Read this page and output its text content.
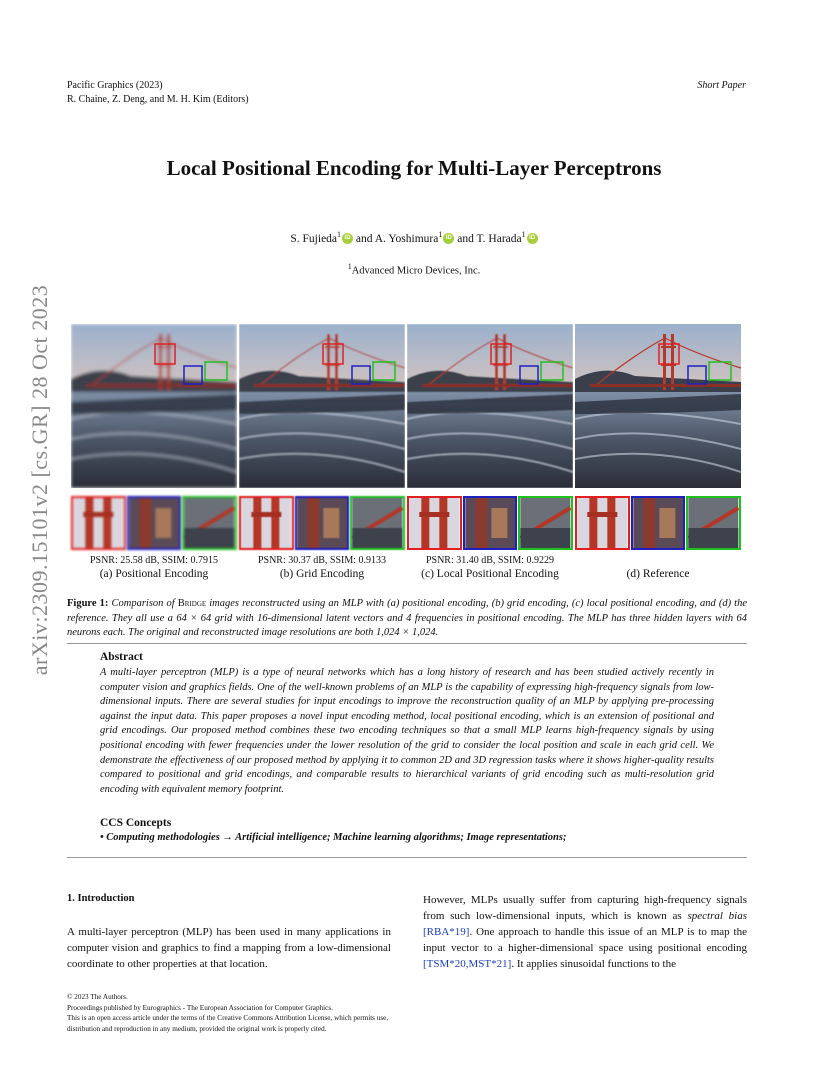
Pacific Graphics (2023)
R. Chaine, Z. Deng, and M. H. Kim (Editors)
Short Paper
arXiv:2309.15101v2 [cs.GR] 28 Oct 2023
Local Positional Encoding for Multi-Layer Perceptrons
S. Fujieda$^1$ iD and A. Yoshimura$^1$ iD and T. Harada$^1$ iD
$^1$Advanced Micro Devices, Inc.
PSNR: 25.58 dB, SSIM: 0.7915
(a) Positional Encoding
PSNR: 30.37 dB, SSIM: 0.9133
(b) Grid Encoding
PSNR: 31.40 dB, SSIM: 0.9229
(c) Local Positional Encoding	(d) Reference
Figure 1: Comparison of Bridge images reconstructed using an MLP with (a) positional encoding, (b) grid encoding, (c) local positional encoding, and (d) the reference. They all use a 64 × 64 grid with 16-dimensional latent vectors and 4 frequencies in positional encoding. The MLP has three hidden layers with 64 neurons each. The original and reconstructed image resolutions are both 1,024 × 1,024.
Abstract
A multi-layer perceptron (MLP) is a type of neural networks which has a long history of research and has been studied actively recently in computer vision and graphics fields. One of the well-known problems of an MLP is the capability of expressing high-frequency signals from low-dimensional inputs. There are several studies for input encodings to improve the reconstruction quality of an MLP by applying pre-processing against the input data. This paper proposes a novel input encoding method, local positional encoding, which is an extension of positional and grid encodings. Our proposed method combines these two encoding techniques so that a small MLP learns high-frequency signals by using positional encoding with fewer frequencies under the lower resolution of the grid to consider the local position and scale in each grid cell. We demonstrate the effectiveness of our proposed method by applying it to common 2D and 3D regression tasks where it shows higher-quality results compared to positional and grid encodings, and comparable results to hierarchical variants of grid encoding such as multi-resolution grid encoding with equivalent memory footprint.
CCS Concepts
• Computing methodologies → Artificial intelligence; Machine learning algorithms; Image representations;
1. Introduction
A multi-layer perceptron (MLP) has been used in many applications in computer vision and graphics to find a mapping from a low-dimensional coordinate to other properties at that location.
However, MLPs usually suffer from capturing high-frequency signals from such low-dimensional inputs, which is known as spectral bias [RBA*19]. One approach to handle this issue of an MLP is to map the input vector to a higher-dimensional space using positional encoding [TSM*20,MST*21]. It applies sinusoidal functions to the
© 2023 The Authors.
Proceedings published by Eurographics - The European Association for Computer Graphics.
This is an open access article under the terms of the Creative Commons Attribution License, which permits use, distribution and reproduction in any medium, provided the original work is properly cited.
